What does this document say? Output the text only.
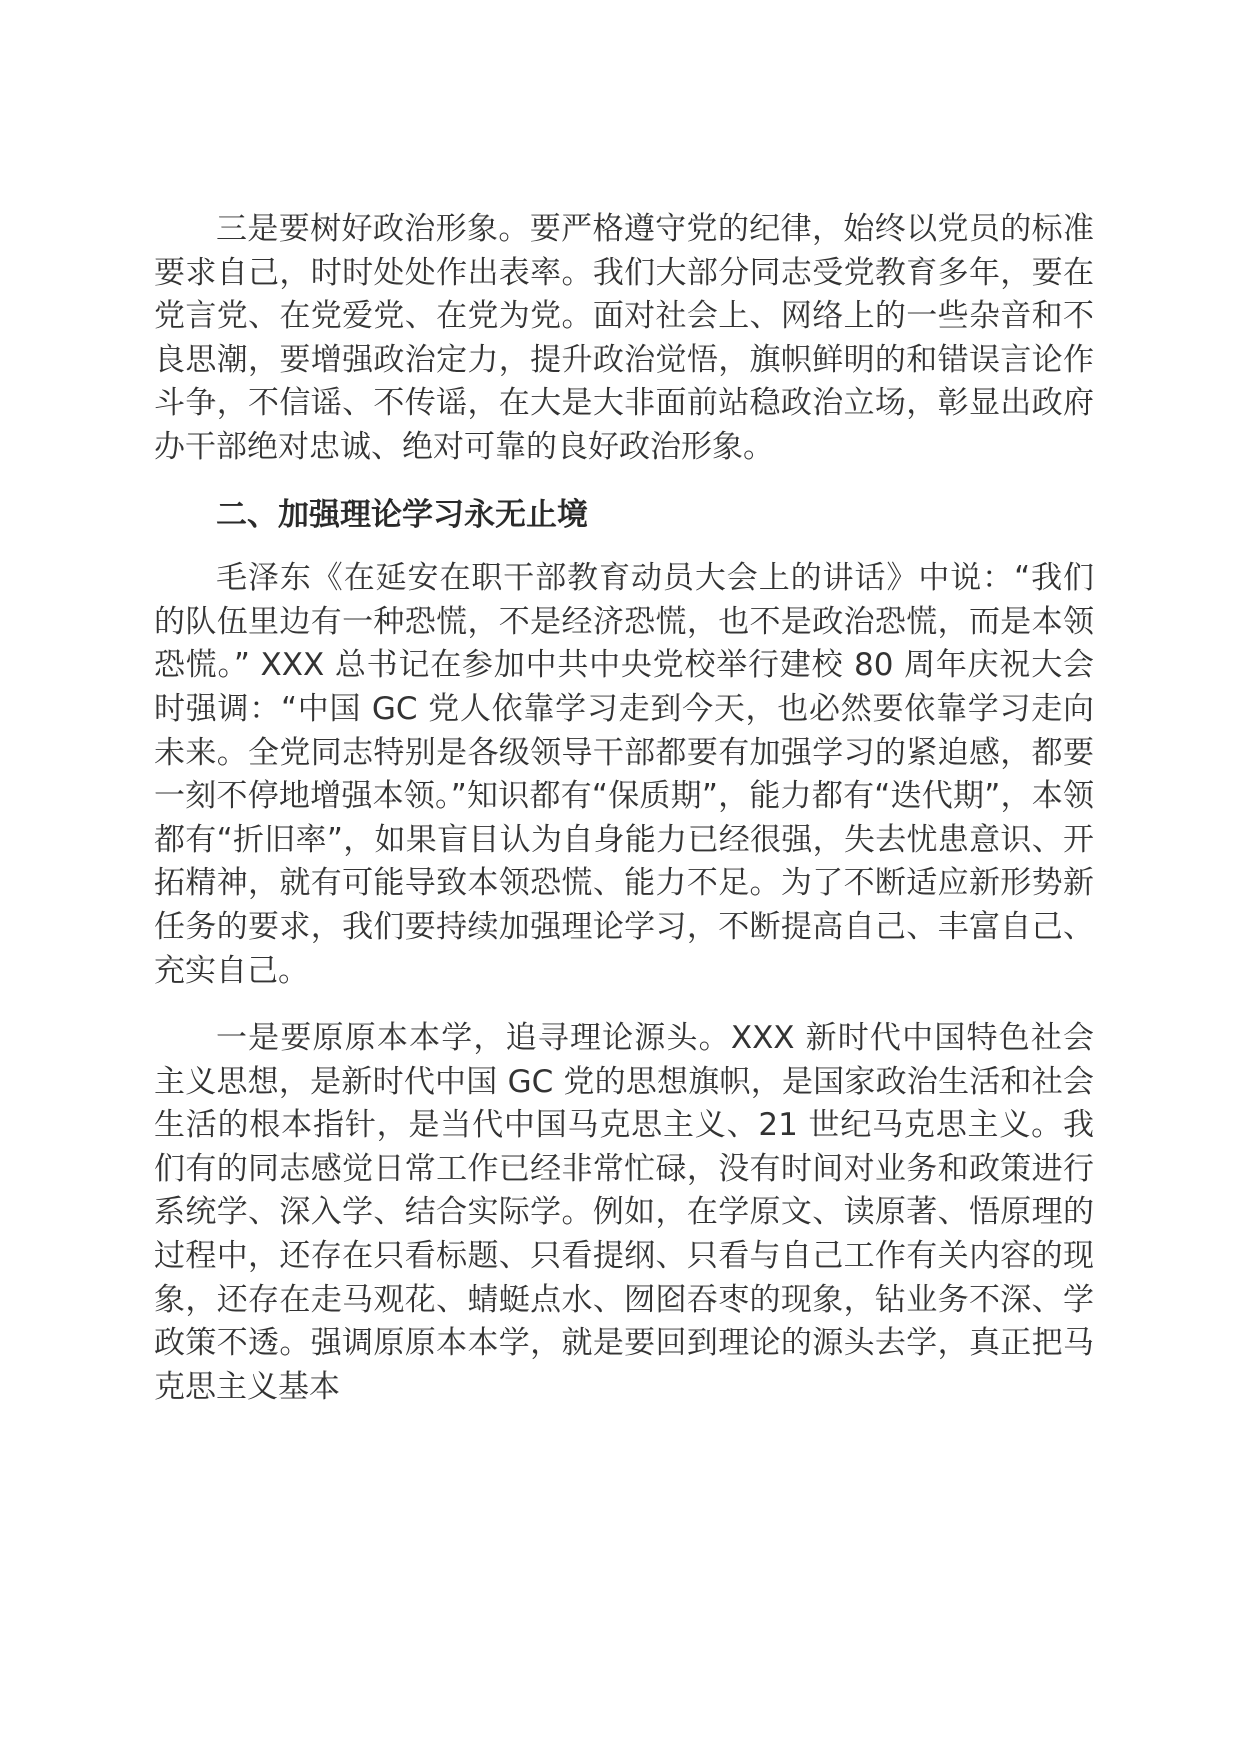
三是要树好政治形象。要严格遵守党的纪律，始终以党员的标准要求自己，时时处处作出表率。我们大部分同志受党教育多年，要在党言党、在党爱党、在党为党。面对社会上、网络上的一些杂音和不良思潮，要增强政治定力，提升政治觉悟，旗帜鲜明的和错误言论作斗争，不信谣、不传谣，在大是大非面前站稳政治立场，彰显出政府办干部绝对忠诚、绝对可靠的良好政治形象。

二、加强理论学习永无止境

毛泽东《在延安在职干部教育动员大会上的讲话》中说：“我们的队伍里边有一种恐慌，不是经济恐慌，也不是政治恐慌，而是本领恐慌。” XXX 总书记在参加中共中央党校举行建校 80 周年庆祝大会时强调：“中国 GC 党人依靠学习走到今天，也必然要依靠学习走向未来。全党同志特别是各级领导干部都要有加强学习的紧迫感，都要一刻不停地增强本领。”知识都有“保质期”，能力都有“迭代期”，本领都有“折旧率”，如果盲目认为自身能力已经很强，失去忧患意识、开拓精神，就有可能导致本领恐慌、能力不足。为了不断适应新形势新任务的要求，我们要持续加强理论学习，不断提高自己、丰富自己、充实自己。

一是要原原本本学，追寻理论源头。XXX 新时代中国特色社会主义思想，是新时代中国 GC 党的思想旗帜，是国家政治生活和社会生活的根本指针，是当代中国马克思主义、21 世纪马克思主义。我们有的同志感觉日常工作已经非常忙碌，没有时间对业务和政策进行系统学、深入学、结合实际学。例如，在学原文、读原著、悟原理的过程中，还存在只看标题、只看提纲、只看与自己工作有关内容的现象，还存在走马观花、蜻蜓点水、囫囵吞枣的现象，钻业务不深、学政策不透。强调原原本本学，就是要回到理论的源头去学，真正把马克思主义基本
